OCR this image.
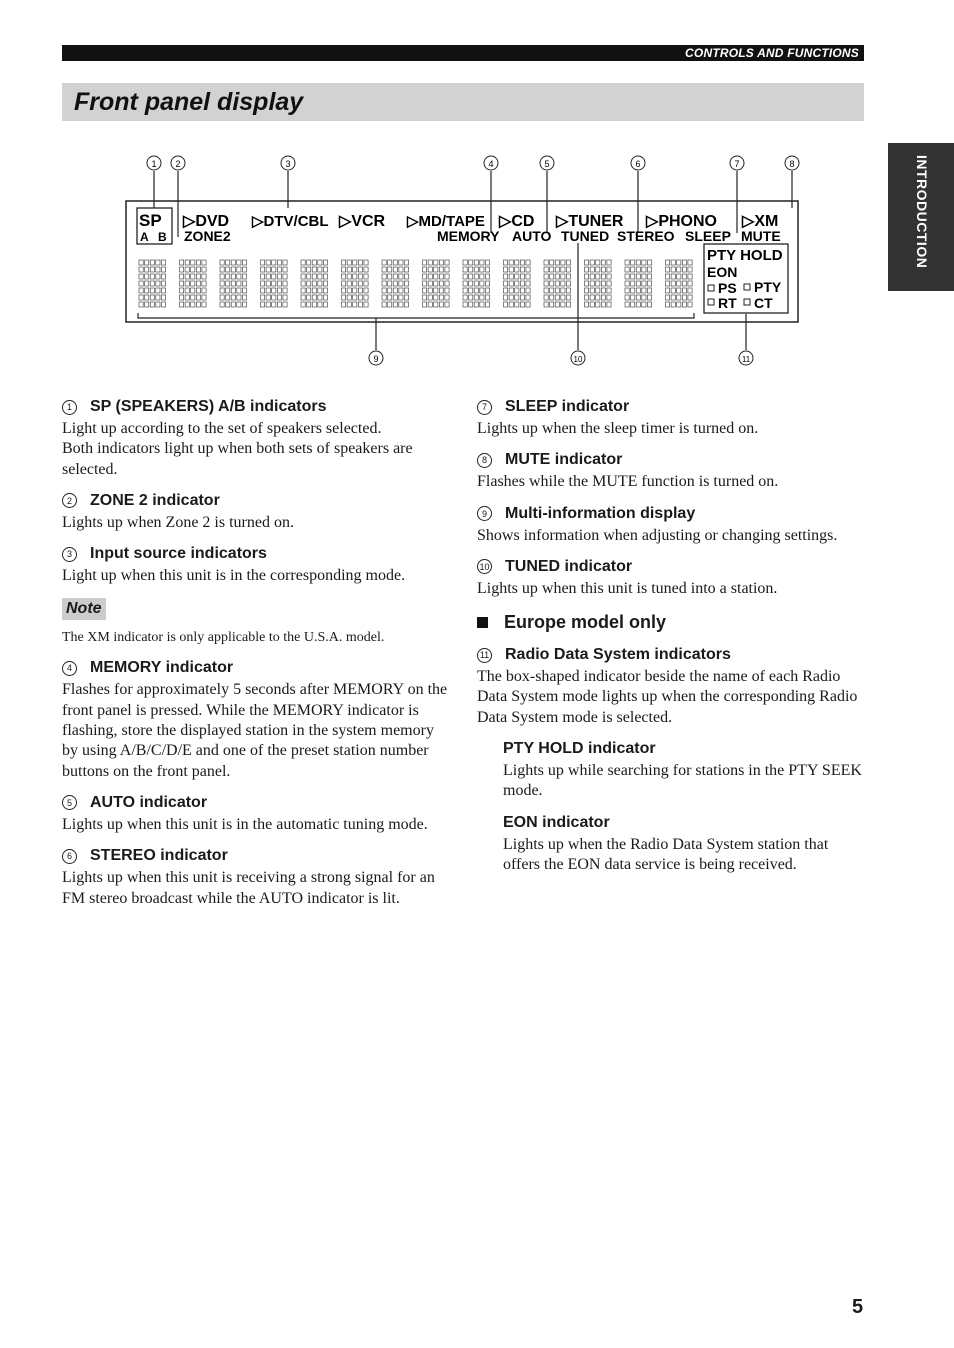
CONTROLS AND FUNCTIONS
Front panel display
INTRODUCTION
1 2	3	4	5	6	7	8
9	10	11
SP
A B ZONE2
▷DVD ▷DTV/CBL ▷VCR ▷MD/TAPE ▷CD ▷TUNER ▷PHONO ▷XM
MEMORY AUTO TUNED STEREO SLEEP MUTE
PTY HOLD
EON
PS PTY
RT CT
1	SP (SPEAKERS) A/B indicators

Light up according to the set of speakers selected.

Both indicators light up when both sets of speakers are selected.

2	ZONE 2 indicator

Lights up when Zone 2 is turned on.

3	Input source indicators

Light up when this unit is in the corresponding mode.

Note

The XM indicator is only applicable to the U.S.A. model.

4	MEMORY indicator

Flashes for approximately 5 seconds after MEMORY on the front panel is pressed. While the MEMORY indicator is flashing, store the displayed station in the system memory by using A/B/C/D/E and one of the preset station number buttons on the front panel.

5	AUTO indicator

Lights up when this unit is in the automatic tuning mode.

6	STEREO indicator

Lights up when this unit is receiving a strong signal for an FM stereo broadcast while the AUTO indicator is lit.

7	SLEEP indicator

Lights up when the sleep timer is turned on.

8	MUTE indicator

Flashes while the MUTE function is turned on.

9	Multi-information display

Shows information when adjusting or changing settings.

10 TUNED indicator

Lights up when this unit is tuned into a station.

Europe model only
11 Radio Data System indicators

The box-shaped indicator beside the name of each Radio Data System mode lights up when the corresponding Radio Data System mode is selected.

PTY HOLD indicator

Lights up while searching for stations in the PTY SEEK mode.

EON indicator

Lights up when the Radio Data System station that offers the EON data service is being received.

5
